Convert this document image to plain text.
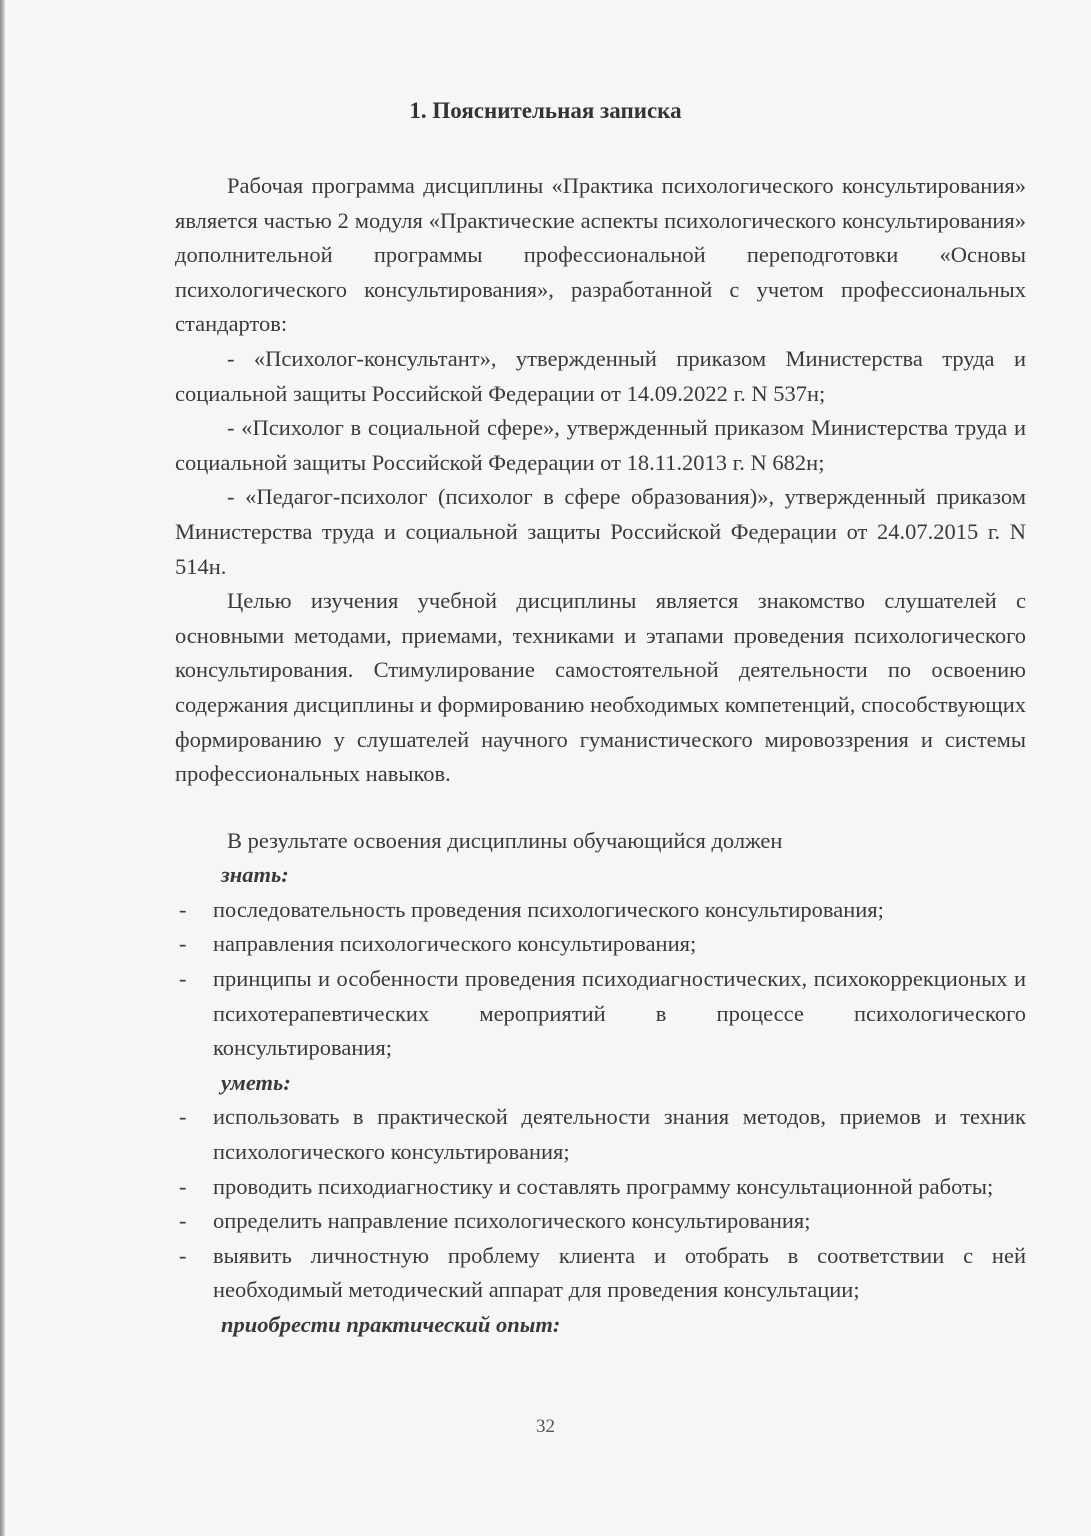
1. Пояснительная записка

Рабочая программа дисциплины «Практика психологического консультирования» является частью 2 модуля «Практические аспекты психологического консультирования» дополнительной программы профессиональной переподготовки «Основы психологического консультирования», разработанной с учетом профессиональных стандартов:

- «Психолог-консультант», утвержденный приказом Министерства труда и социальной защиты Российской Федерации от 14.09.2022 г. N 537н;

- «Психолог в социальной сфере», утвержденный приказом Министерства труда и социальной защиты Российской Федерации от 18.11.2013 г. N 682н;

- «Педагог-психолог (психолог в сфере образования)», утвержденный приказом Министерства труда и социальной защиты Российской Федерации от 24.07.2015 г. N 514н.

Целью изучения учебной дисциплины является знакомство слушателей с основными методами, приемами, техниками и этапами проведения психологического консультирования. Стимулирование самостоятельной деятельности по освоению содержания дисциплины и формированию необходимых компетенций, способствующих формированию у слушателей научного гуманистического мировоззрения и системы профессиональных навыков.

В результате освоения дисциплины обучающийся должен

знать:

- последовательность проведения психологического консультирования;
- направления психологического консультирования;
- принципы и особенности проведения психодиагностических, психокоррекционых и психотерапевтических мероприятий в процессе психологического консультирования;

уметь:

- использовать в практической деятельности знания методов, приемов и техник психологического консультирования;
- проводить психодиагностику и составлять программу консультационной работы;
- определить направление психологического консультирования;
- выявить личностную проблему клиента и отобрать в соответствии с ней необходимый методический аппарат для проведения консультации;

приобрести практический опыт:

32
